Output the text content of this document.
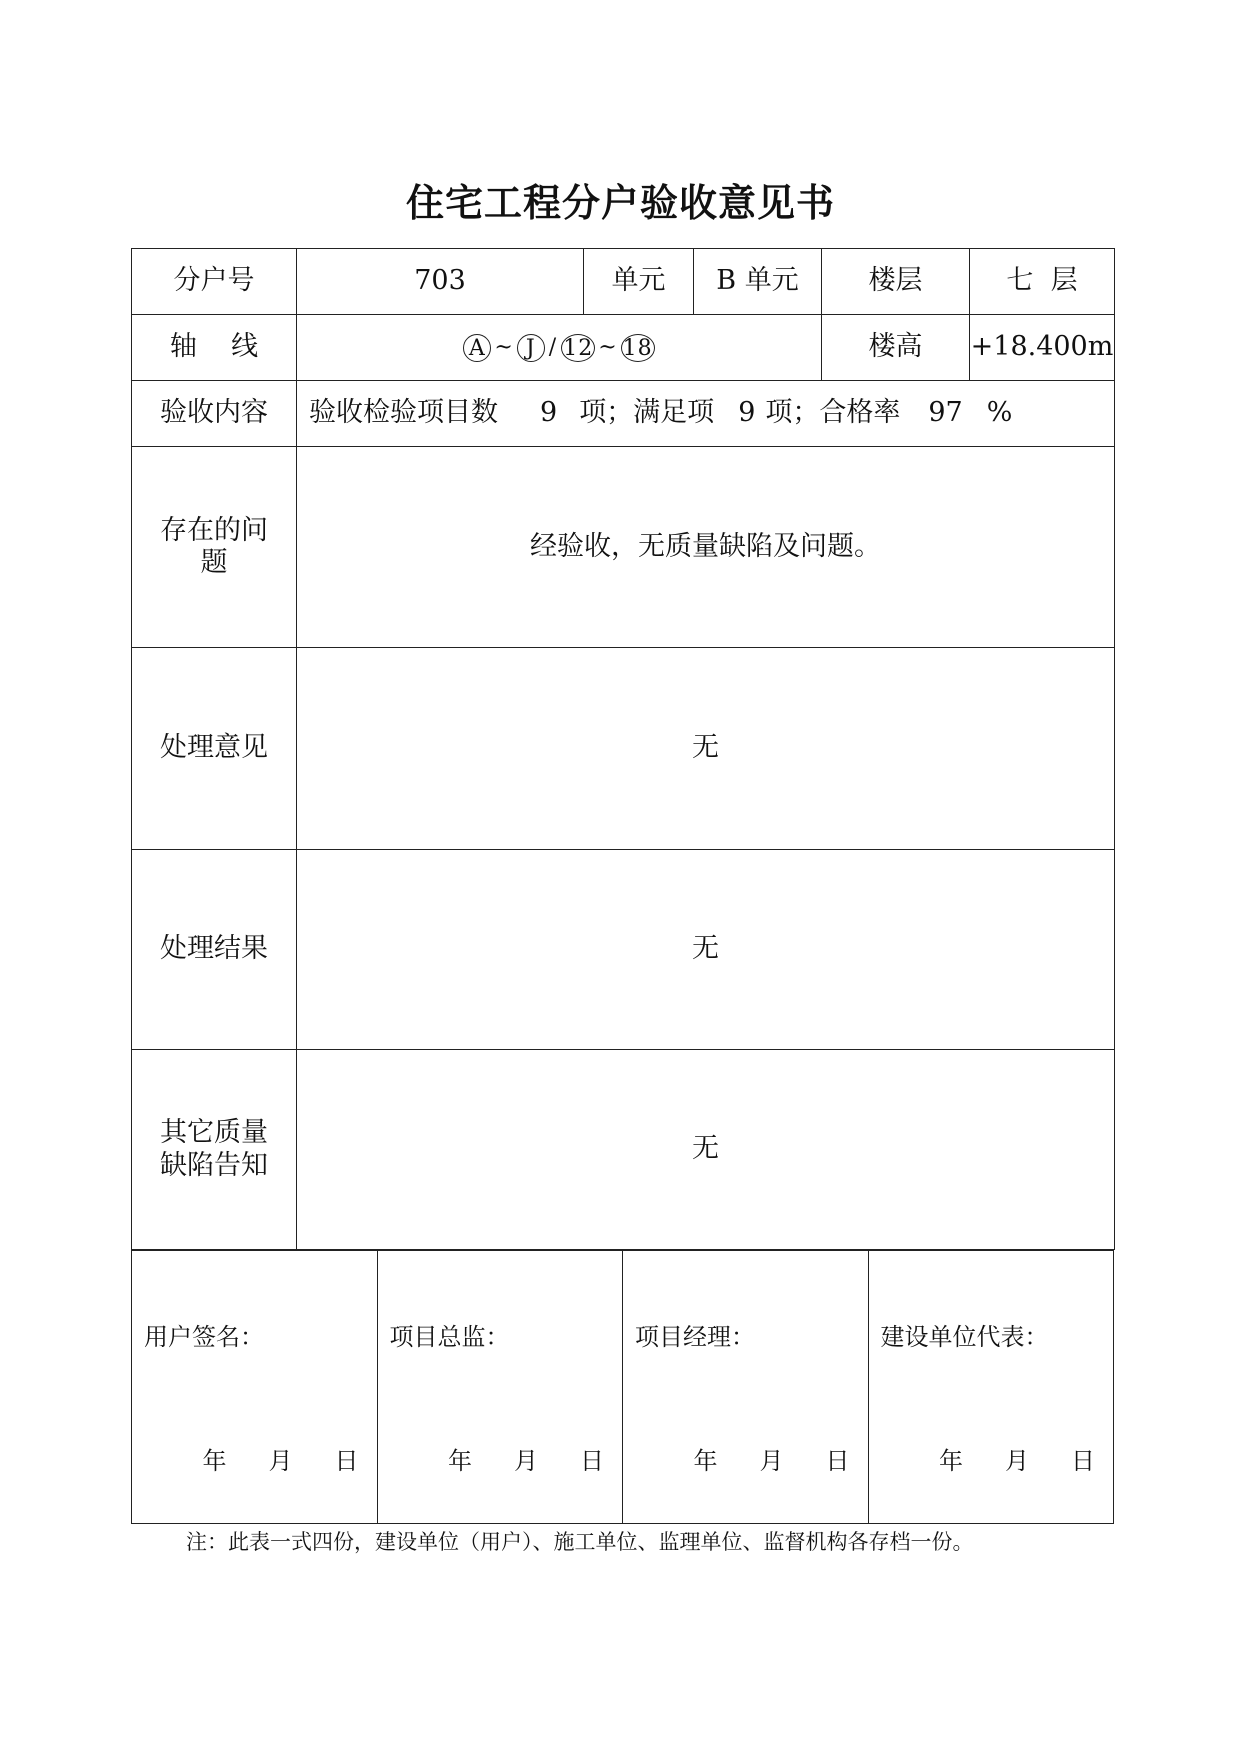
住宅工程分户验收意见书
分户号	703	单元	B 单元	楼层	七  层
轴    线	A ~ J / 12 ~ 18			楼高	+18.400m
验收内容	验收检验项目数 9 项；满足项 9 项；合格率 97 %				

存在的问
题	经验收，无质量缺陷及问题。				
处理意见	无				
处理结果	无				

其它质量
缺陷告知	无				
用户签名：
年 月 日

项目总监：
年 月 日

项目经理：
年 月 日

建设单位代表：
年 月 日
注：此表一式四份，建设单位（用户）、施工单位、监理单位、监督机构各存档一份。
